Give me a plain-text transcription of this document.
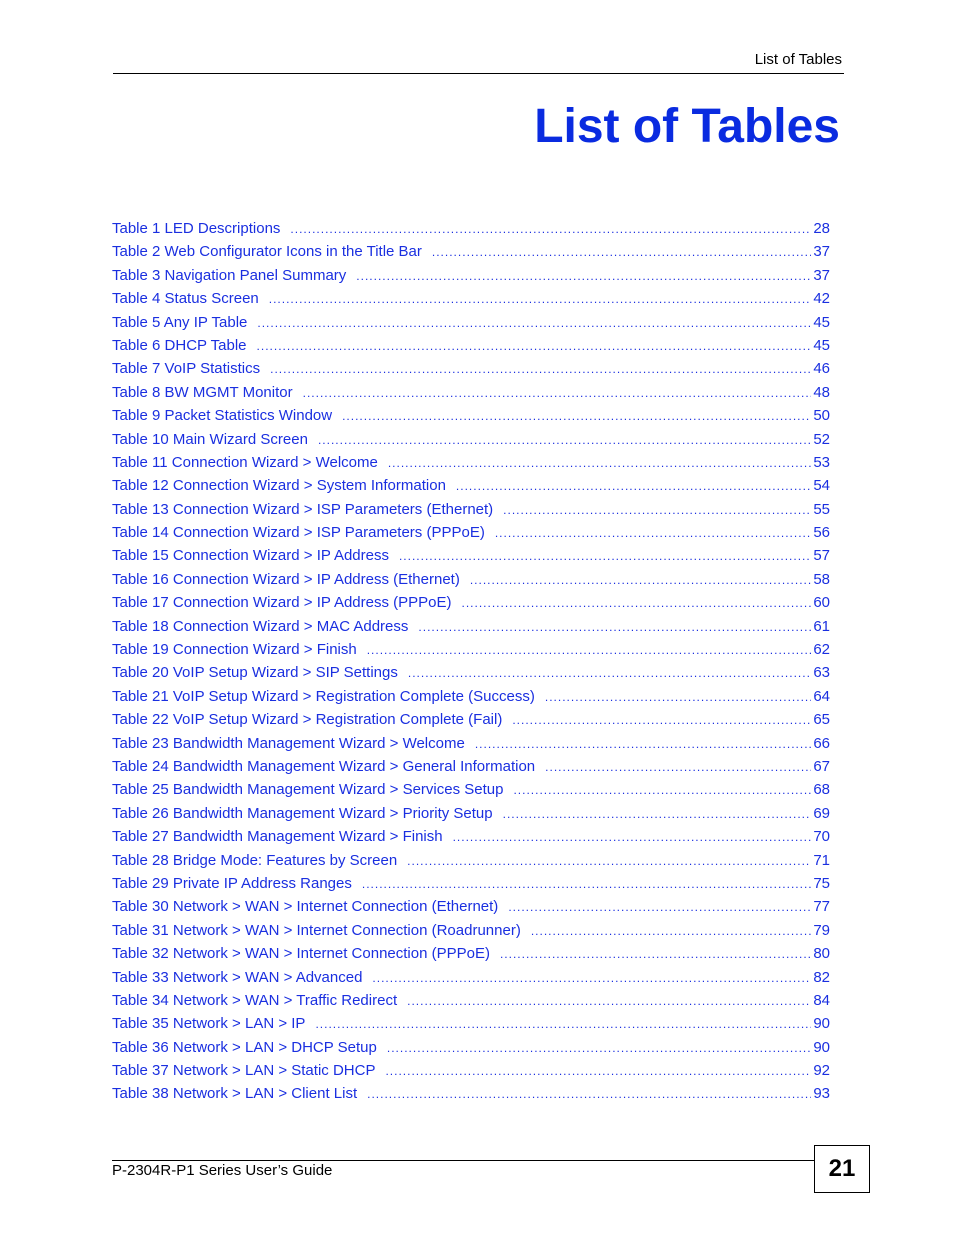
List of Tables
List of Tables
Table 1 LED Descriptions .....	28
Table 2 Web Configurator Icons in the Title Bar .....	37
Table 3 Navigation Panel Summary .....	37
Table 4 Status Screen .....	42
Table 5 Any IP Table .....	45
Table 6 DHCP Table .....	45
Table 7 VoIP Statistics .....	46
Table 8 BW MGMT Monitor .....	48
Table 9 Packet Statistics Window .....	50
Table 10 Main Wizard Screen .....	52
Table 11 Connection Wizard > Welcome .....	53
Table 12 Connection Wizard > System Information .....	54
Table 13 Connection Wizard > ISP Parameters (Ethernet) .....	55
Table 14 Connection Wizard > ISP Parameters (PPPoE) .....	56
Table 15 Connection Wizard > IP Address .....	57
Table 16 Connection Wizard > IP Address (Ethernet) .....	58
Table 17 Connection Wizard > IP Address (PPPoE) .....	60
Table 18 Connection Wizard > MAC Address .....	61
Table 19 Connection Wizard > Finish .....	62
Table 20 VoIP Setup Wizard > SIP Settings .....	63
Table 21 VoIP Setup Wizard > Registration Complete (Success) .....	64
Table 22 VoIP Setup Wizard > Registration Complete (Fail) .....	65
Table 23 Bandwidth Management Wizard > Welcome .....	66
Table 24 Bandwidth Management Wizard > General Information .....	67
Table 25 Bandwidth Management Wizard > Services Setup .....	68
Table 26 Bandwidth Management Wizard > Priority Setup .....	69
Table 27 Bandwidth Management Wizard > Finish .....	70
Table 28 Bridge Mode: Features by Screen .....	71
Table 29 Private IP Address Ranges .....	75
Table 30 Network > WAN > Internet Connection (Ethernet) .....	77
Table 31 Network > WAN > Internet Connection (Roadrunner) .....	79
Table 32 Network > WAN > Internet Connection (PPPoE) .....	80
Table 33 Network > WAN > Advanced .....	82
Table 34 Network > WAN > Traffic Redirect .....	84
Table 35 Network > LAN > IP .....	90
Table 36 Network > LAN > DHCP Setup .....	90
Table 37 Network > LAN > Static DHCP .....	92
Table 38 Network > LAN > Client List .....	93
P-2304R-P1 Series User’s Guide	21
